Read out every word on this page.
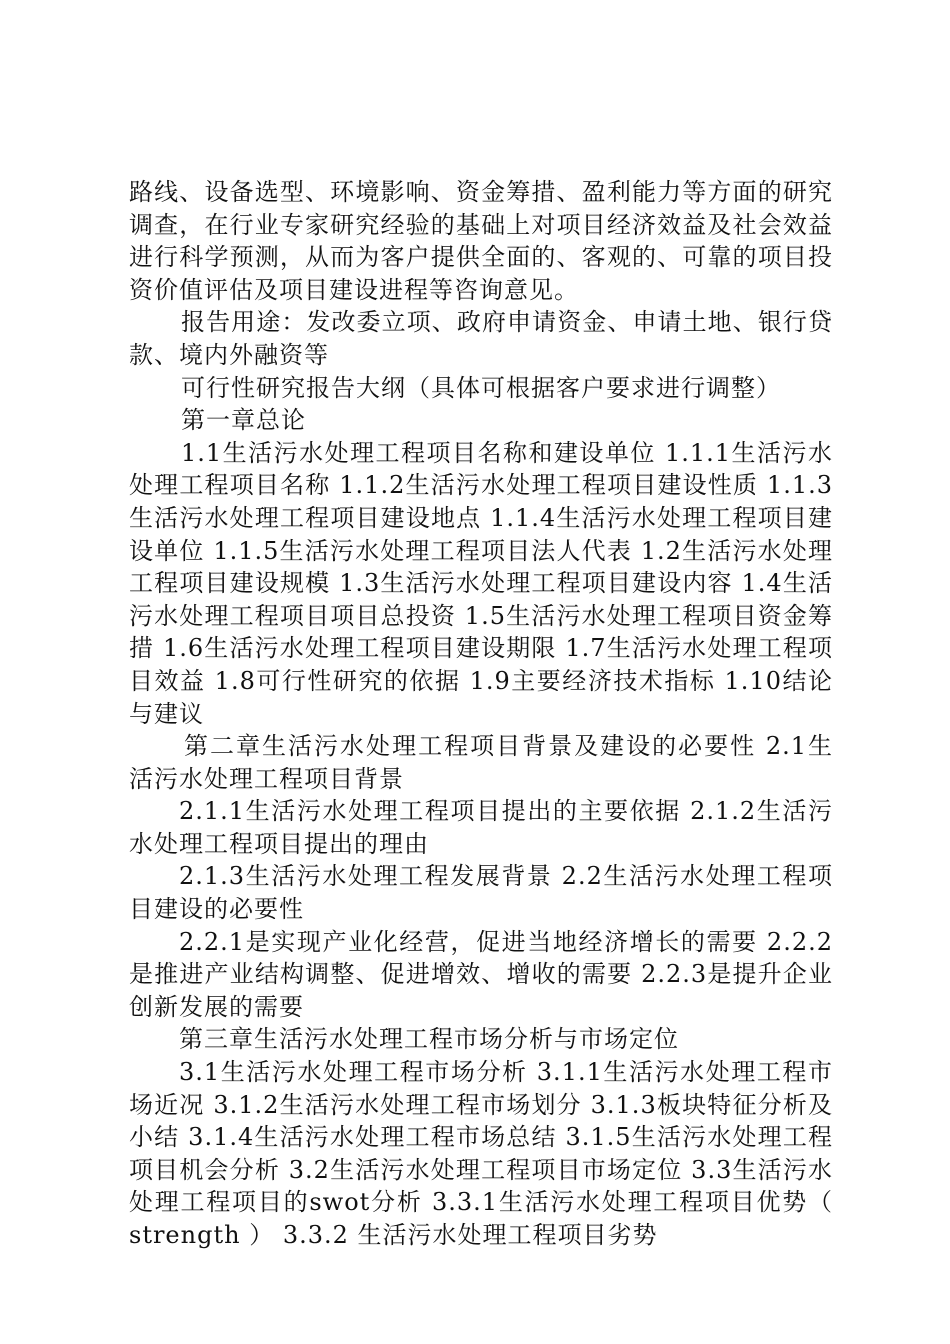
路线、设备选型、环境影响、资金筹措、盈利能力等方面的研究调查，在行业专家研究经验的基础上对项目经济效益及社会效益进行科学预测，从而为客户提供全面的、客观的、可靠的项目投资价值评估及项目建设进程等咨询意见。

报告用途：发改委立项、政府申请资金、申请土地、银行贷款、境内外融资等

可行性研究报告大纲（具体可根据客户要求进行调整）

第一章总论

1.1生活污水处理工程项目名称和建设单位 1.1.1生活污水处理工程项目名称 1.1.2生活污水处理工程项目建设性质 1.1.3生活污水处理工程项目建设地点 1.1.4生活污水处理工程项目建设单位 1.1.5生活污水处理工程项目法人代表 1.2生活污水处理工程项目建设规模 1.3生活污水处理工程项目建设内容 1.4生活污水处理工程项目项目总投资 1.5生活污水处理工程项目资金筹措 1.6生活污水处理工程项目建设期限 1.7生活污水处理工程项目效益 1.8可行性研究的依据 1.9主要经济技术指标 1.10结论与建议

第二章生活污水处理工程项目背景及建设的必要性 2.1生活污水处理工程项目背景

2.1.1生活污水处理工程项目提出的主要依据 2.1.2生活污水处理工程项目提出的理由

2.1.3生活污水处理工程发展背景 2.2生活污水处理工程项目建设的必要性

2.2.1是实现产业化经营，促进当地经济增长的需要 2.2.2是推进产业结构调整、促进增效、增收的需要 2.2.3是提升企业创新发展的需要

第三章生活污水处理工程市场分析与市场定位

3.1生活污水处理工程市场分析 3.1.1生活污水处理工程市场近况 3.1.2生活污水处理工程市场划分 3.1.3板块特征分析及小结 3.1.4生活污水处理工程市场总结 3.1.5生活污水处理工程项目机会分析 3.2生活污水处理工程项目市场定位 3.3生活污水处理工程项目的swot分析 3.3.1生活污水处理工程项目优势（ strength ） 3.3.2 生活污水处理工程项目劣势
